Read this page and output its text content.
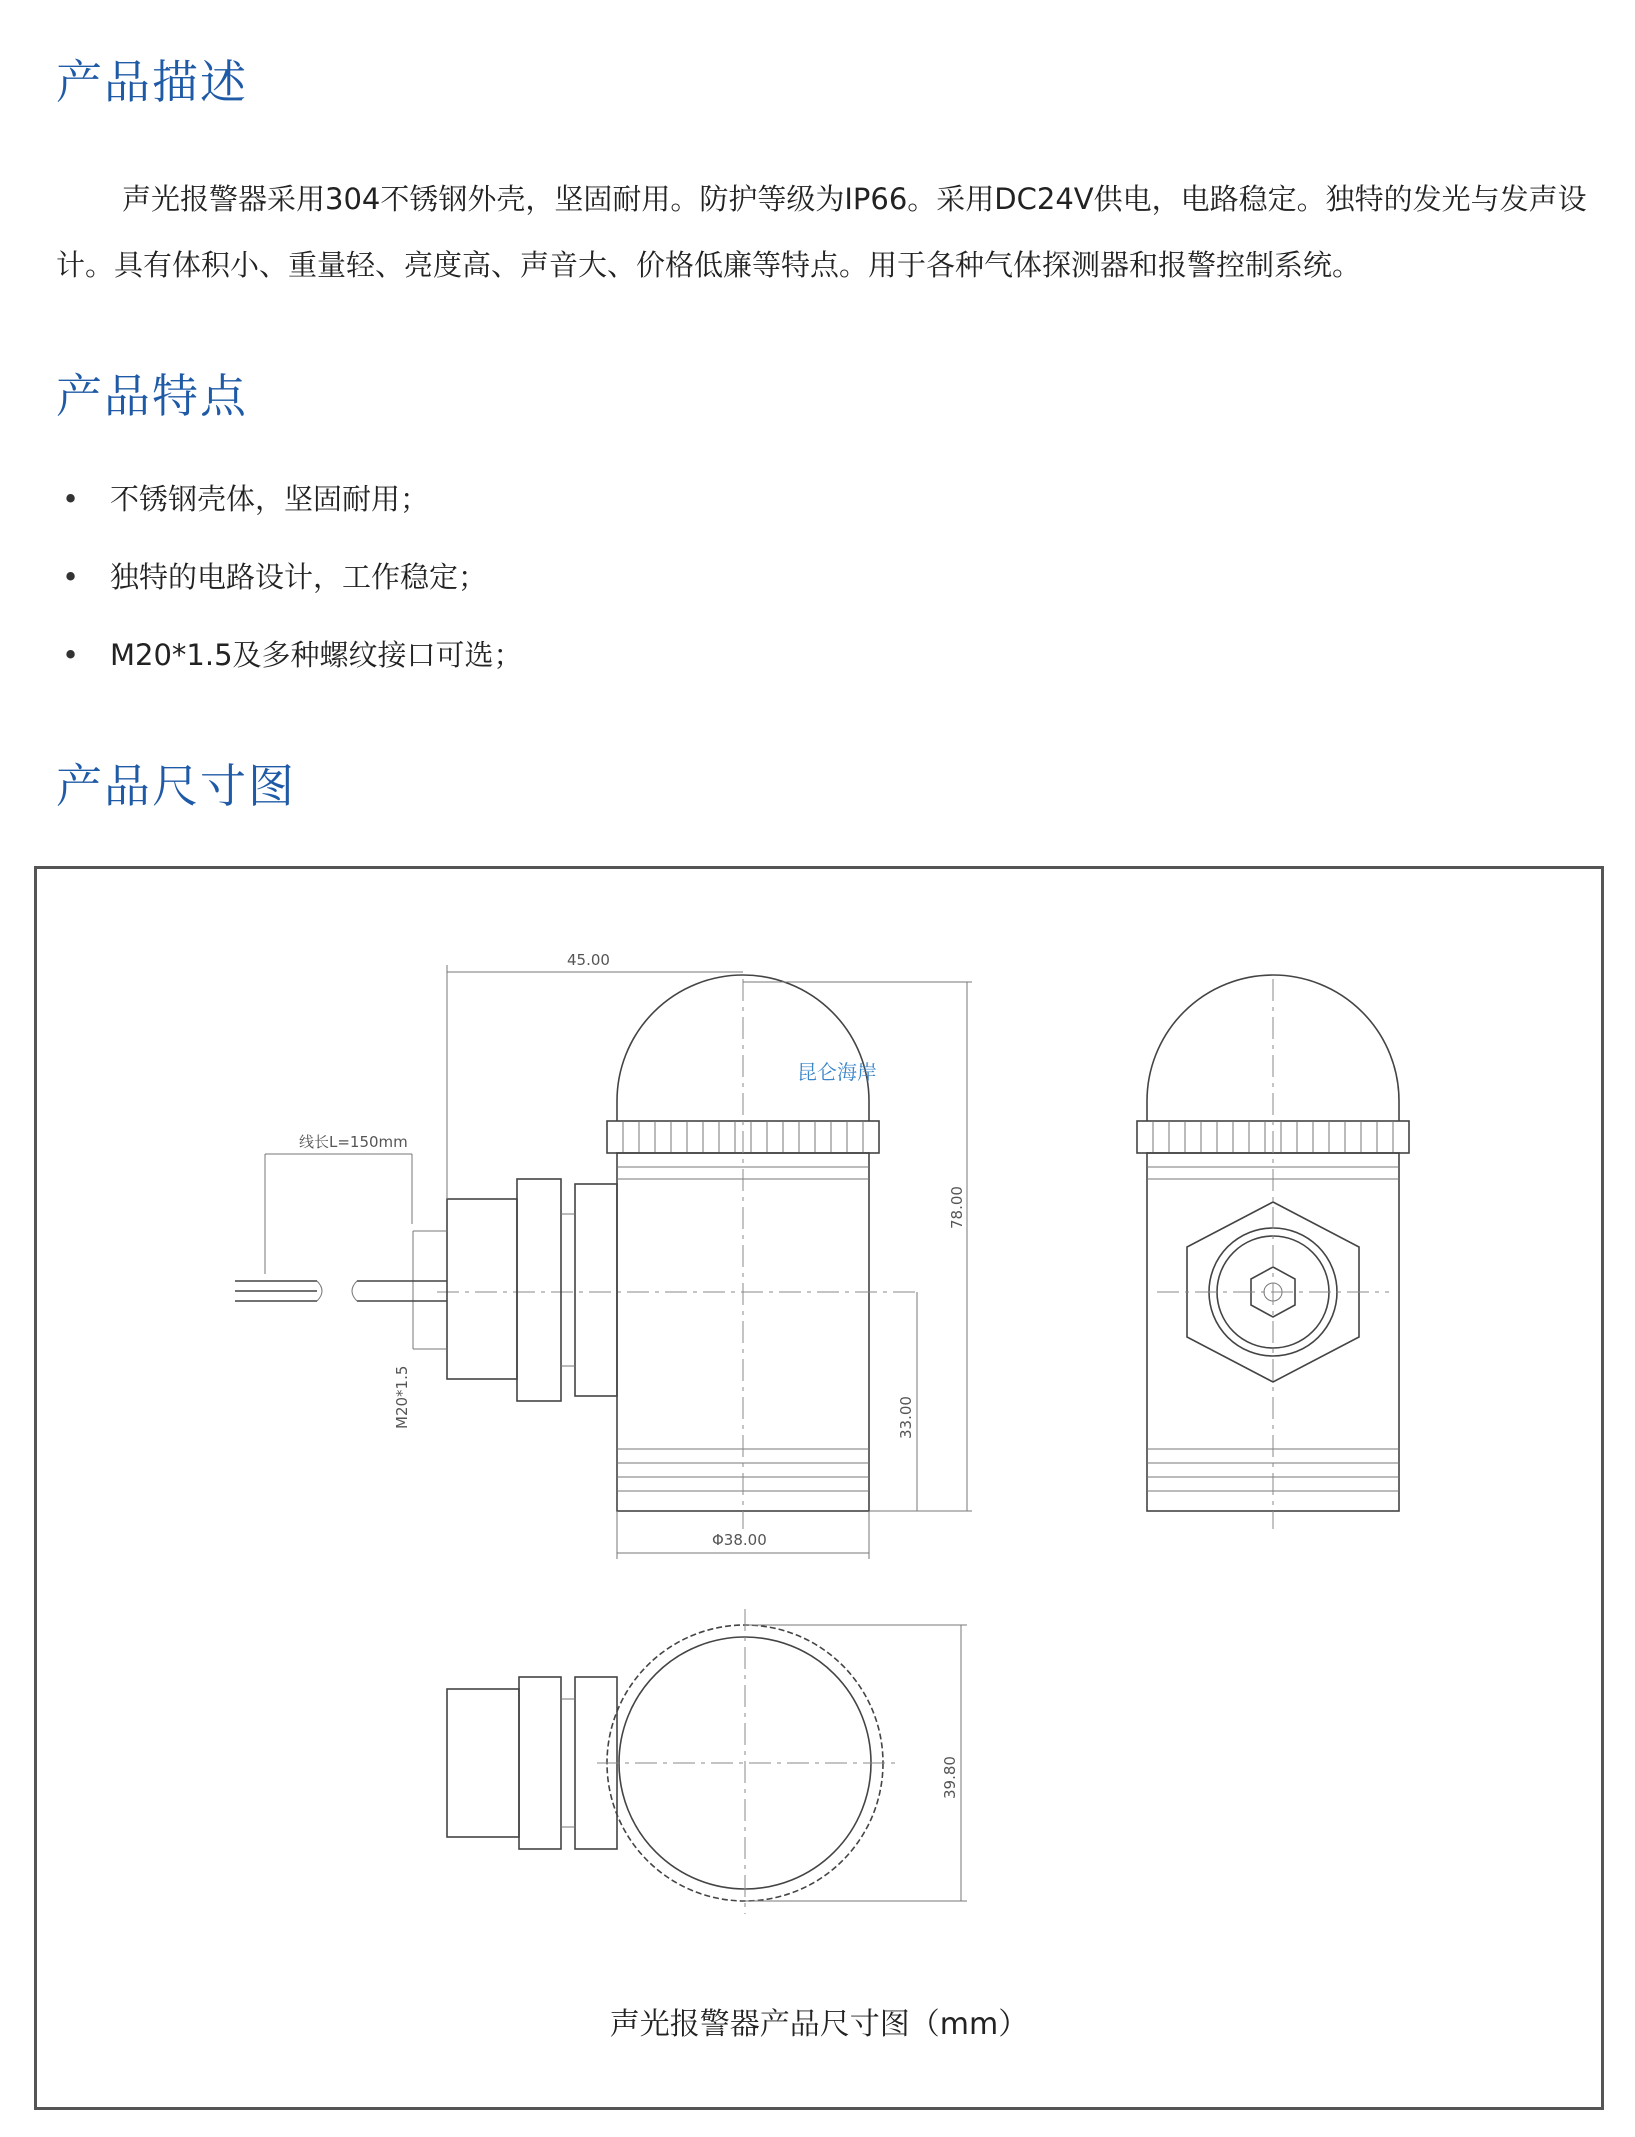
产品描述

声光报警器采用304不锈钢外壳，坚固耐用。防护等级为IP66。采用DC24V供电，电路稳定。独特的发光与发声设计。具有体积小、重量轻、亮度高、声音大、价格低廉等特点。用于各种气体探测器和报警控制系统。

产品特点
•	不锈钢壳体，坚固耐用；
•	独特的电路设计，工作稳定；
•	M20*1.5及多种螺纹接口可选；
产品尺寸图
线长L=150mm
45.00
78.00
33.00
M20*1.5
Φ38.00
昆仑海岸
39.80
声光报警器产品尺寸图（mm）
